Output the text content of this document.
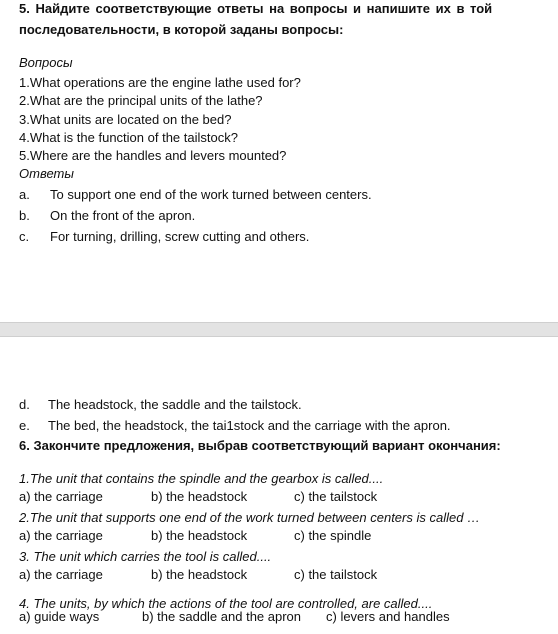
5. Найдите соответствующие ответы на вопросы и напишите их в той
последовательности, в которой заданы вопросы:
Вопросы
1.What operations are the engine lathe used for?
2.What are the principal units of the lathe?
3.What units are located on the bed?
4.What is the function of the tailstock?
5.Where are the handles and levers mounted?
Ответы
a. To support one end of the work turned between centers.
b. On the front of the apron.
c. For turning, drilling, screw cutting and others.
d. The headstock, the saddle and the tailstock.
e. The bed, the headstock, the tai1stock and the carriage with the apron.
6. Закончите предложения, выбрав соответствующий вариант окончания:
1.The unit that contains the spindle and the gearbox is called....
a) the carriage	b) the headstock	c) the tailstock
2.The unit that supports one end of the work turned between centers is called …
a) the carriage	b) the headstock	c) the spindle
3. The unit which carries the tool is called....
a) the carriage	b) the headstock	c) the tailstock
4. The units, by which the actions of the tool are controlled, are called....
a) guide ways	b) the saddle and the apron c) levers and handles
